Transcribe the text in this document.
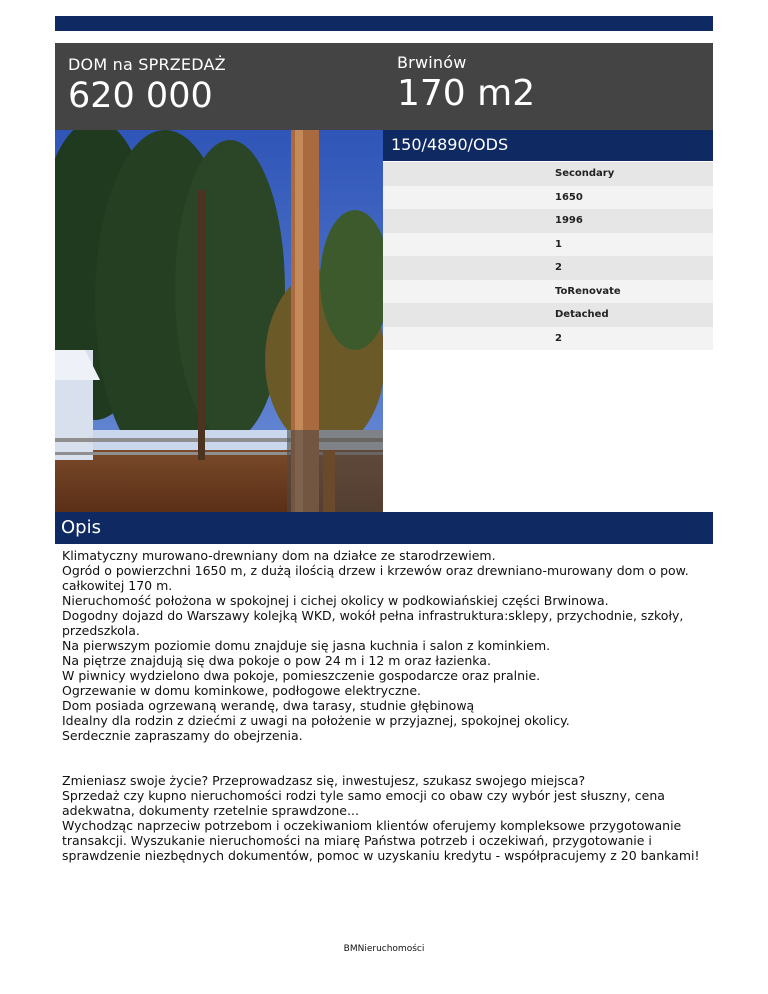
DOM na SPRZEDAŻ
620 000
Brwinów
170 m2
150/4890/ODS
Secondary
1650
1996
1
2
ToRenovate
Detached
2
Opis

Klimatyczny murowano-drewniany dom na działce ze starodrzewiem.

Ogród o powierzchni 1650 m, z dużą ilością drzew i krzewów oraz drewniano-murowany dom o pow. całkowitej 170 m.

Nieruchomość położona w spokojnej i cichej okolicy w podkowiańskiej części Brwinowa.

Dogodny dojazd do Warszawy kolejką WKD, wokół pełna infrastruktura:sklepy, przychodnie, szkoły, przedszkola.

Na pierwszym poziomie domu znajduje się jasna kuchnia i salon z kominkiem.

Na piętrze znajdują się dwa pokoje o pow 24 m i 12 m oraz łazienka.

W piwnicy wydzielono dwa pokoje, pomieszczenie gospodarcze oraz pralnie.

Ogrzewanie w domu kominkowe, podłogowe elektryczne.

Dom posiada ogrzewaną werandę, dwa tarasy, studnie głębinową

Idealny dla rodzin z dziećmi z uwagi na położenie w przyjaznej, spokojnej okolicy.

Serdecznie zapraszamy do obejrzenia.

Zmieniasz swoje życie? Przeprowadzasz się, inwestujesz, szukasz swojego miejsca?

Sprzedaż czy kupno nieruchomości rodzi tyle samo emocji co obaw czy wybór jest słuszny, cena adekwatna, dokumenty rzetelnie sprawdzone...

Wychodząc naprzeciw potrzebom i oczekiwaniom klientów oferujemy kompleksowe przygotowanie transakcji. Wyszukanie nieruchomości na miarę Państwa potrzeb i oczekiwań, przygotowanie i sprawdzenie niezbędnych dokumentów, pomoc w uzyskaniu kredytu - współpracujemy z 20 bankami!

BMNieruchomości
